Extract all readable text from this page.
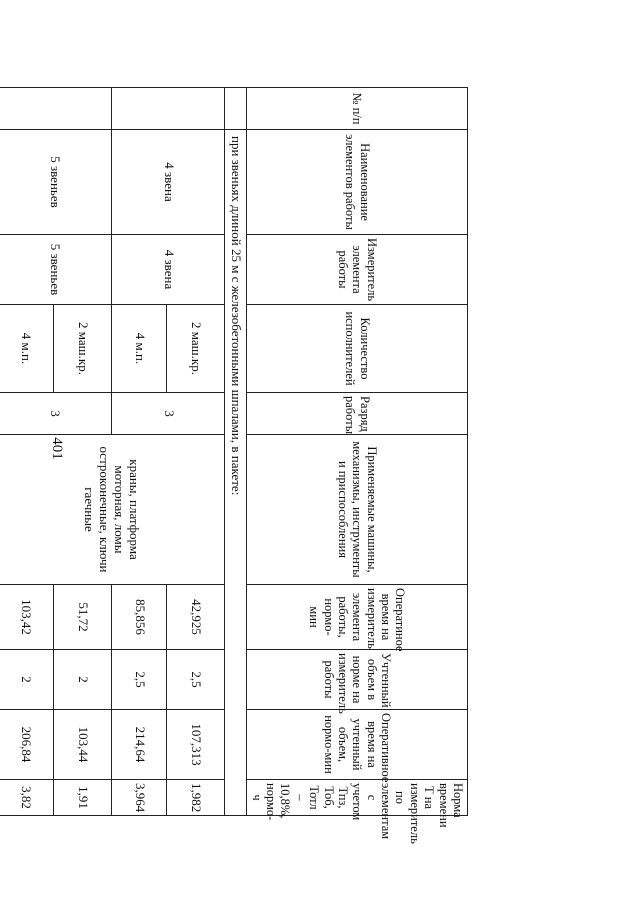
401
№ п/п	Наименование элементов работы	Измеритель элемента работы	Количество исполнителей	Разряд работы	Применяемые машины, механизмы, инструменты и приспособления	Оператиное время на измеритель элемента работы, нормо-мин	Учтенный объем в норме на измеритель работы	Оперативное время на учтенный объем, нормо-мин	Норма времени Т на измеритель по элементам с учетом Тпз, Тоб, Тотл – 10,8%, нормо-ч
	при звеньях длиной 25 м с железобетонными шпалами, в пакете:								
	4 звена	4 звена	2 маш.кр.	3	краны, платформа моторная, ломы остроконечные, ключи гаечные	42,925	2,5	107,313	1,982
			4 м.п.			85,856	2,5	214,64	3,964
	5 звеньев	5 звеньев	2 маш.кр.	3		51,72	2	103,44	1,91
			4 м.п.			103,42	2	206,84	3,82
